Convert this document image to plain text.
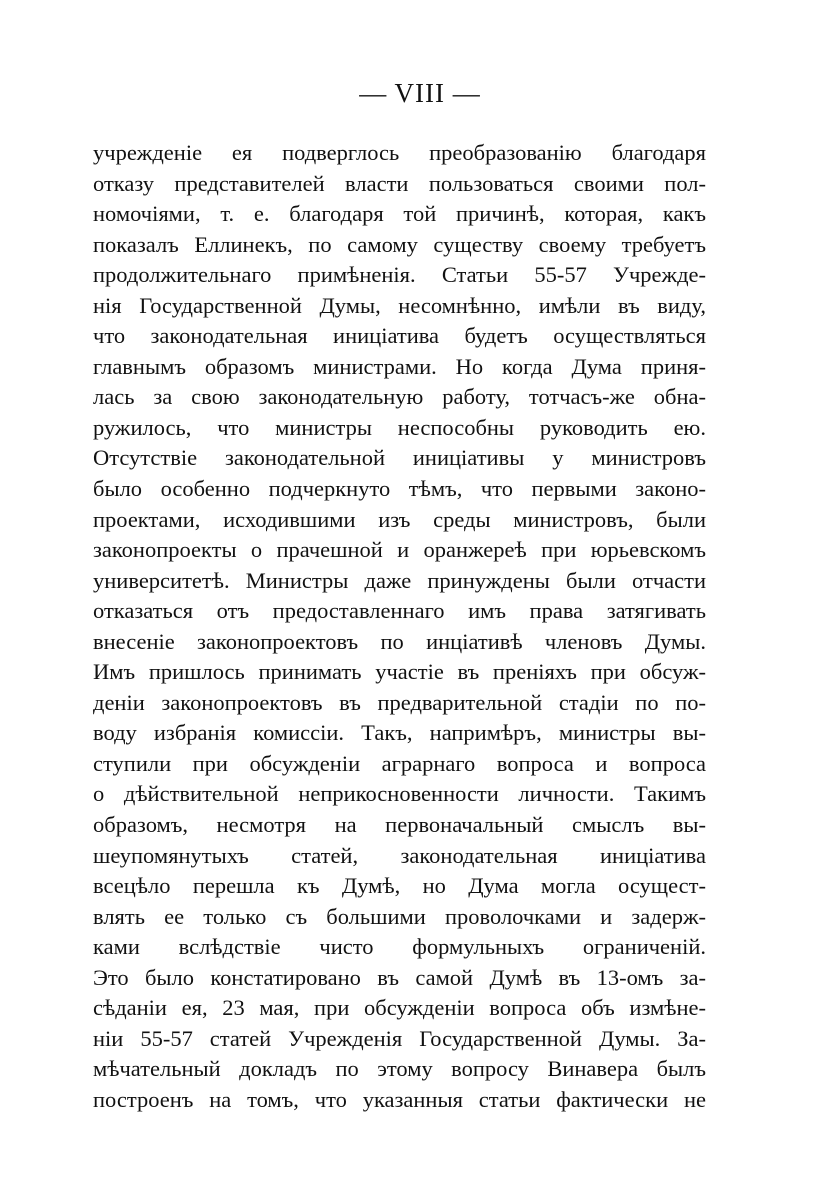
— VIII —
учрежденіе ея подверглось преобразованію благодаря
отказу представителей власти пользоваться своими пол-
номочіями, т. е. благодаря той причинѣ, которая, какъ
показалъ Еллинекъ, по самому существу своему требуетъ
продолжительнаго примѣненія. Статьи 55-57 Учрежде-
нія Государственной Думы, несомнѣнно, имѣли въ виду,
что законодательная иниціатива будетъ осуществляться
главнымъ образомъ министрами. Но когда Дума приня-
лась за свою законодательную работу, тотчасъ-же обна-
ружилось, что министры неспособны руководить ею.
Отсутствіе законодательной иниціативы у министровъ
было особенно подчеркнуто тѣмъ, что первыми законо-
проектами, исходившими изъ среды министровъ, были
законопроекты о прачешной и оранжереѣ при юрьевскомъ
университетѣ. Министры даже принуждены были отчасти
отказаться отъ предоставленнаго имъ права затягивать
внесеніе законопроектовъ по инціативѣ членовъ Думы.
Имъ пришлось принимать участіе въ преніяхъ при обсуж-
деніи законопроектовъ въ предварительной стадіи по по-
воду избранія комиссіи. Такъ, напримѣръ, министры вы-
ступили при обсужденіи аграрнаго вопроса и вопроса
о дѣйствительной неприкосновенности личности. Такимъ
образомъ, несмотря на первоначальный смыслъ вы-
шеупомянутыхъ статей, законодательная иниціатива
всецѣло перешла къ Думѣ, но Дума могла осущест-
влять ее только съ большими проволочками и задерж-
ками вслѣдствіе чисто формульныхъ ограниченій.
Это было констатировано въ самой Думѣ въ 13-омъ за-
сѣданіи ея, 23 мая, при обсужденіи вопроса объ измѣне-
ніи 55-57 статей Учрежденія Государственной Думы. За-
мѣчательный докладъ по этому вопросу Винавера былъ
построенъ на томъ, что указанныя статьи фактически не
